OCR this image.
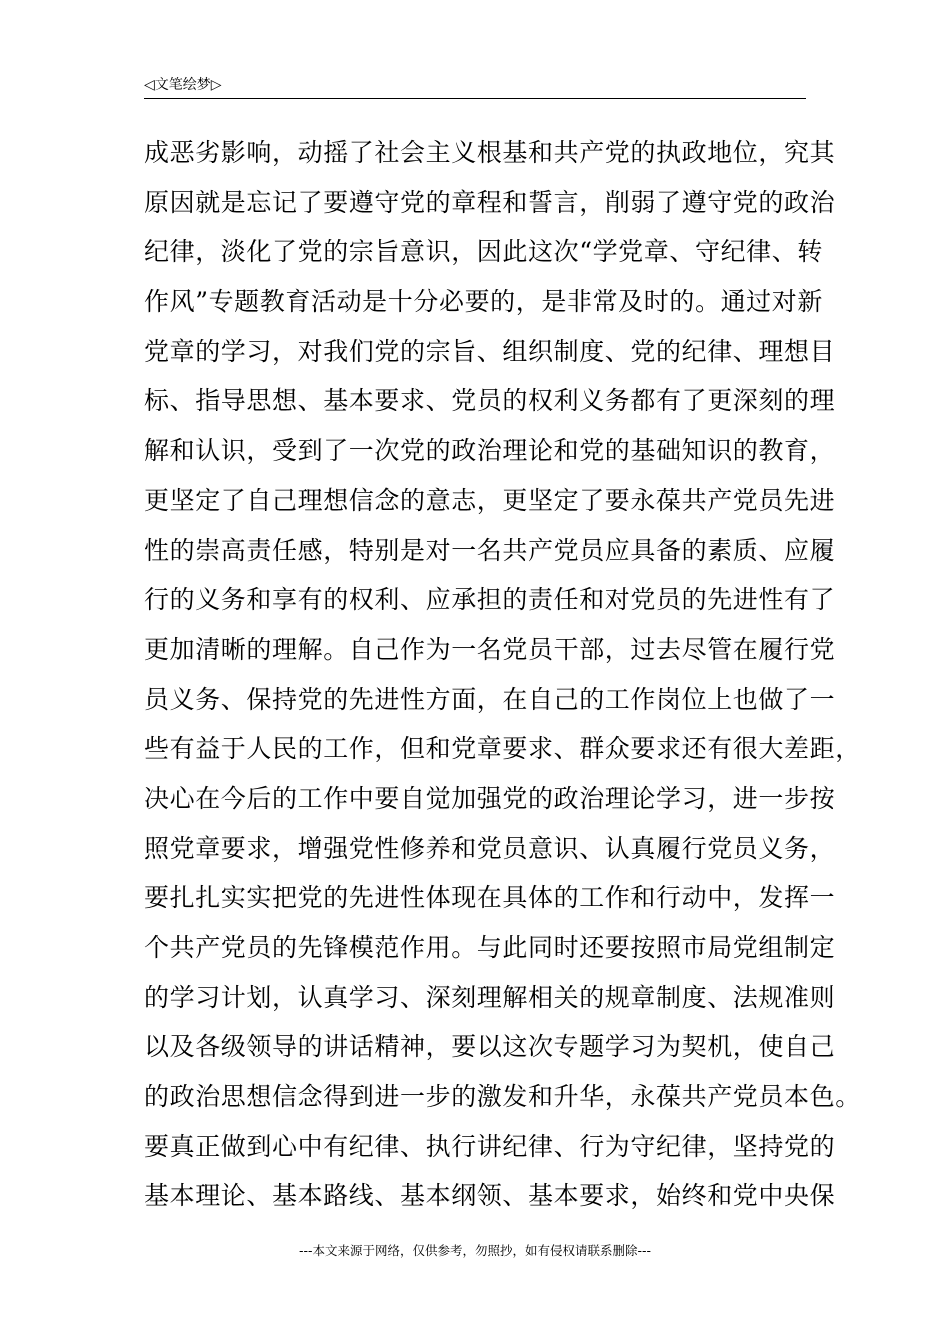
◁文笔绘梦▷
成恶劣影响，动摇了社会主义根基和共产党的执政地位，究其
原因就是忘记了要遵守党的章程和誓言，削弱了遵守党的政治
纪律，淡化了党的宗旨意识，因此这次“学党章、守纪律、转
作风”专题教育活动是十分必要的，是非常及时的。通过对新
党章的学习，对我们党的宗旨、组织制度、党的纪律、理想目
标、指导思想、基本要求、党员的权利义务都有了更深刻的理
解和认识，受到了一次党的政治理论和党的基础知识的教育，
更坚定了自己理想信念的意志，更坚定了要永葆共产党员先进
性的崇高责任感，特别是对一名共产党员应具备的素质、应履
行的义务和享有的权利、应承担的责任和对党员的先进性有了
更加清晰的理解。自己作为一名党员干部，过去尽管在履行党
员义务、保持党的先进性方面，在自己的工作岗位上也做了一
些有益于人民的工作，但和党章要求、群众要求还有很大差距，
决心在今后的工作中要自觉加强党的政治理论学习，进一步按
照党章要求，增强党性修养和党员意识、认真履行党员义务，
要扎扎实实把党的先进性体现在具体的工作和行动中，发挥一
个共产党员的先锋模范作用。与此同时还要按照市局党组制定
的学习计划，认真学习、深刻理解相关的规章制度、法规准则
以及各级领导的讲话精神，要以这次专题学习为契机，使自己
的政治思想信念得到进一步的激发和升华，永葆共产党员本色。
要真正做到心中有纪律、执行讲纪律、行为守纪律，坚持党的
基本理论、基本路线、基本纲领、基本要求，始终和党中央保
---本文来源于网络，仅供参考，勿照抄，如有侵权请联系删除---
